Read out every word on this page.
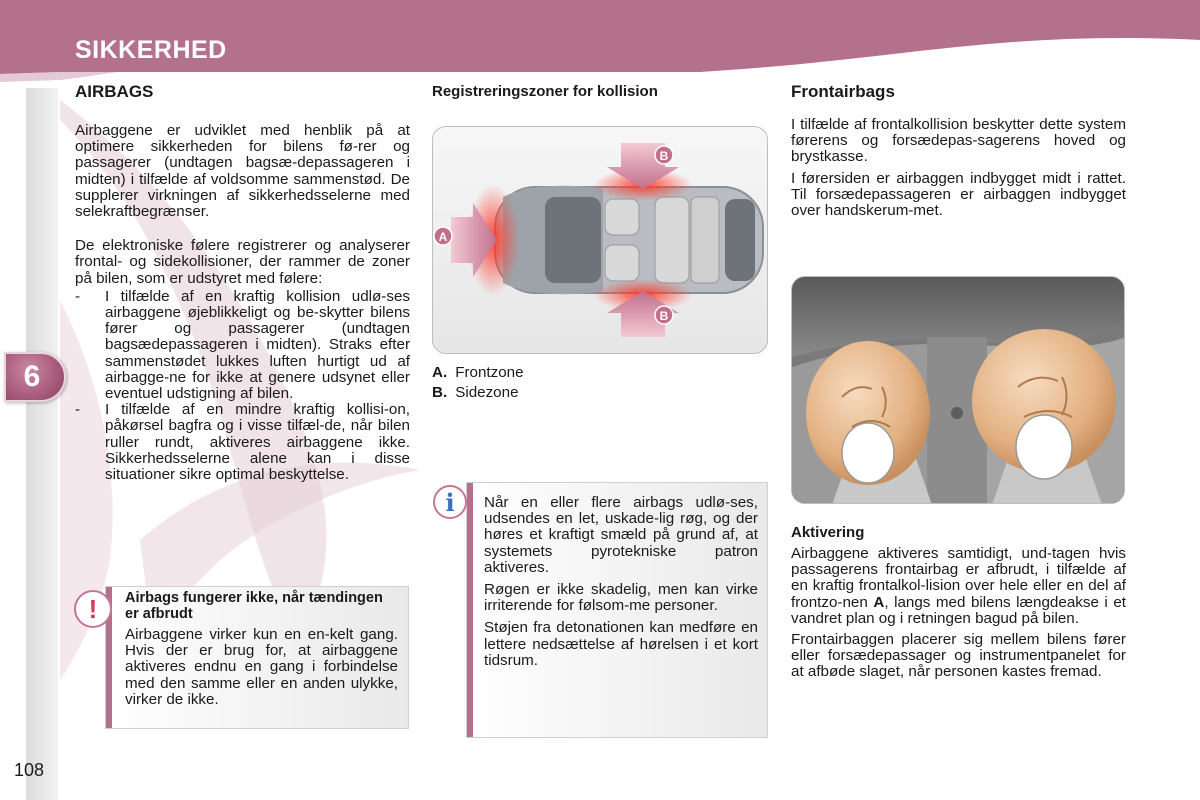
SIKKERHED
6
108
AIRBAGS
Airbaggene er udviklet med henblik på at optimere sikkerheden for bilens fø-rer og passagerer (undtagen bagsæ-depassageren i midten) i tilfælde af voldsomme sammenstød. De supplerer virkningen af sikkerhedsselerne med selekraftbegrænser.
De elektroniske følere registrerer og analyserer frontal- og sidekollisioner, der rammer de zoner på bilen, som er udstyret med følere:
- I tilfælde af en kraftig kollision udlø-ses airbaggene øjeblikkeligt og be-skytter bilens fører og passagerer (undtagen bagsædepassageren i midten). Straks efter sammenstødet lukkes luften hurtigt ud af airbagge-ne for ikke at genere udsynet eller eventuel udstigning af bilen.
- I tilfælde af en mindre kraftig kollisi-on, påkørsel bagfra og i visse tilfæl-de, når bilen ruller rundt, aktiveres airbaggene ikke. Sikkerhedsselerne alene kan i disse situationer sikre optimal beskyttelse.
!	Airbags fungerer ikke, når tændingen er afbrudt
Airbaggene virker kun en en-kelt gang. Hvis der er brug for, at airbaggene aktiveres endnu en gang i forbindelse med den samme eller en anden ulykke, virker de ikke.
Registreringszoner for kollision
A
B
B
A. Frontzone
B. Sidezone
i	Når en eller flere airbags udlø-ses, udsendes en let, uskade-lig røg, og der høres et kraftigt smæld på grund af, at systemets pyrotekniske patron aktiveres.
Røgen er ikke skadelig, men kan virke irriterende for følsom-me personer.
Støjen fra detonationen kan medføre en lettere nedsættelse af hørelsen i et kort tidsrum.
Frontairbags
I tilfælde af frontalkollision beskytter dette system førerens og forsædepas-sagerens hoved og brystkasse.
I førersiden er airbaggen indbygget midt i rattet. Til forsædepassageren er airbaggen indbygget over handskerum-met.
Aktivering
Airbaggene aktiveres samtidigt, und-tagen hvis passagerens frontairbag er afbrudt, i tilfælde af en kraftig frontalkol-lision over hele eller en del af frontzo-nen A, langs med bilens længdeakse i et vandret plan og i retningen bagud på bilen.
Frontairbaggen placerer sig mellem bilens fører eller forsædepassager og instrumentpanelet for at afbøde slaget, når personen kastes fremad.
